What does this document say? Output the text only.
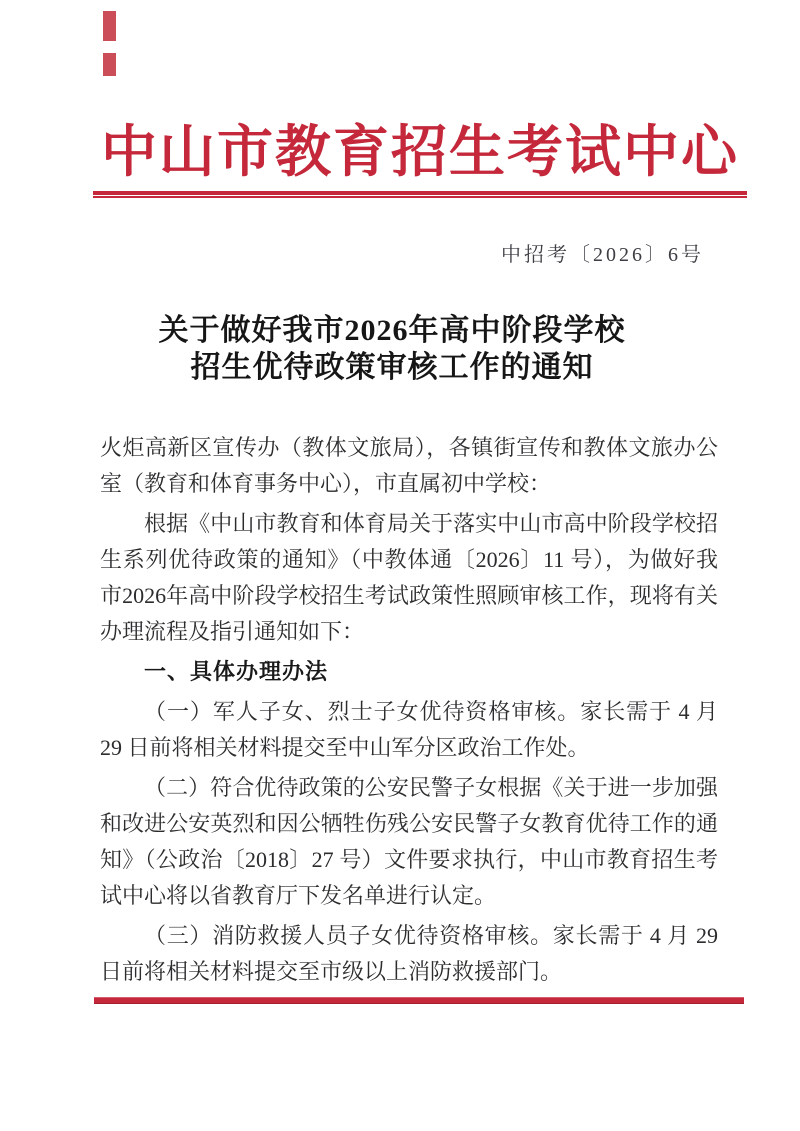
中山市教育招生考试中心
中招考〔2026〕6号
关于做好我市2026年高中阶段学校
招生优待政策审核工作的通知

火炬高新区宣传办（教体文旅局），各镇街宣传和教体文旅办公室（教育和体育事务中心），市直属初中学校：

根据《中山市教育和体育局关于落实中山市高中阶段学校招生系列优待政策的通知》（中教体通〔2026〕11 号），为做好我市2026年高中阶段学校招生考试政策性照顾审核工作，现将有关办理流程及指引通知如下：

一、具体办理办法

（一）军人子女、烈士子女优待资格审核。家长需于 4 月 29 日前将相关材料提交至中山军分区政治工作处。

（二）符合优待政策的公安民警子女根据《关于进一步加强和改进公安英烈和因公牺牲伤残公安民警子女教育优待工作的通知》（公政治〔2018〕27 号）文件要求执行，中山市教育招生考试中心将以省教育厅下发名单进行认定。

（三）消防救援人员子女优待资格审核。家长需于 4 月 29 日前将相关材料提交至市级以上消防救援部门。
